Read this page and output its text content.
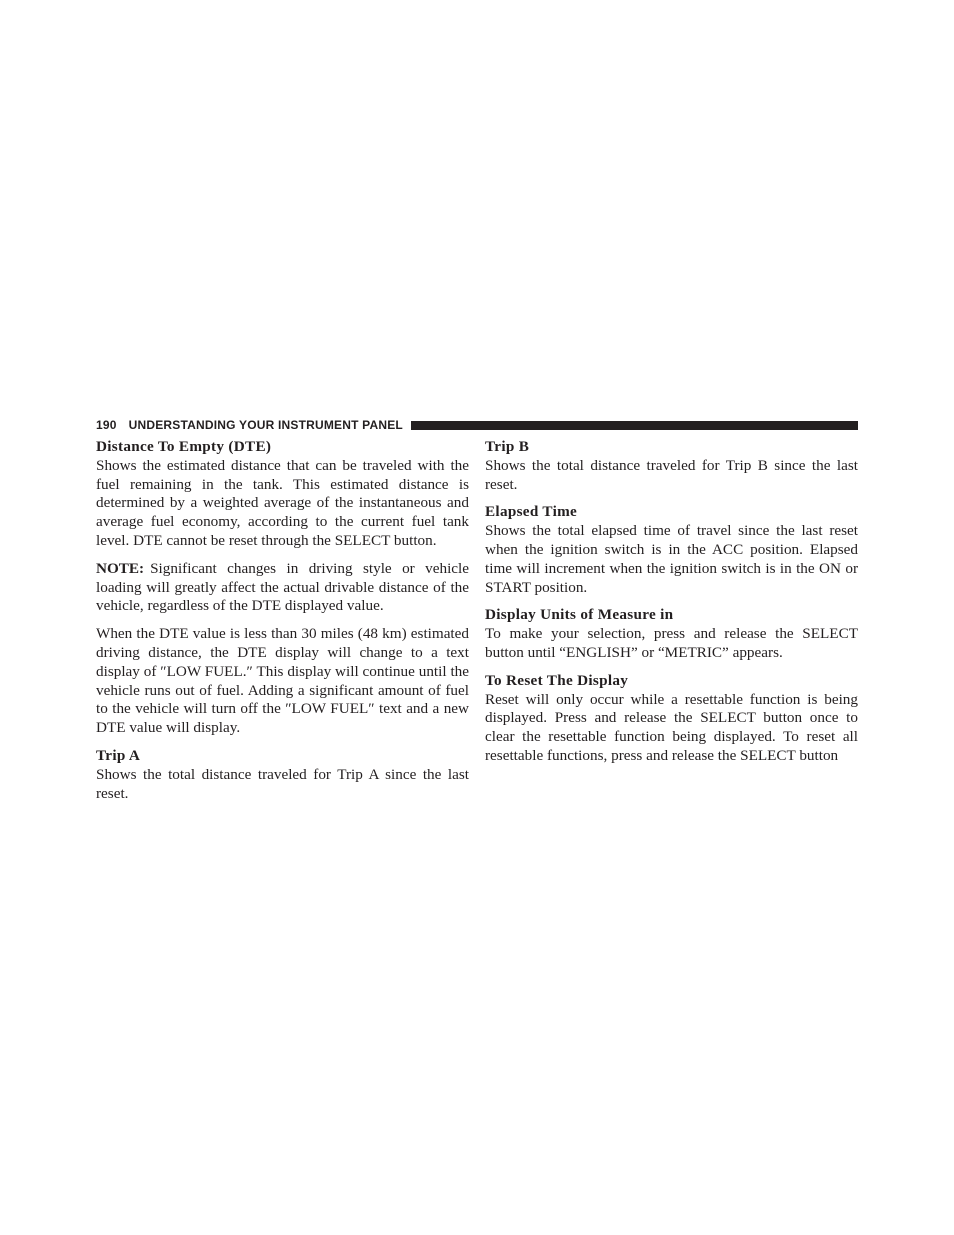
190 UNDERSTANDING YOUR INSTRUMENT PANEL

Distance To Empty (DTE)

Shows the estimated distance that can be traveled with the fuel remaining in the tank. This estimated distance is determined by a weighted average of the instantaneous and average fuel economy, according to the current fuel tank level. DTE cannot be reset through the SELECT button.

NOTE: Significant changes in driving style or vehicle loading will greatly affect the actual drivable distance of the vehicle, regardless of the DTE displayed value.

When the DTE value is less than 30 miles (48 km) estimated driving distance, the DTE display will change to a text display of ″LOW FUEL.″ This display will continue until the vehicle runs out of fuel. Adding a significant amount of fuel to the vehicle will turn off the ″LOW FUEL″ text and a new DTE value will display.

Trip A

Shows the total distance traveled for Trip A since the last reset.

Trip B

Shows the total distance traveled for Trip B since the last reset.

Elapsed Time

Shows the total elapsed time of travel since the last reset when the ignition switch is in the ACC position. Elapsed time will increment when the ignition switch is in the ON or START position.

Display Units of Measure in

To make your selection, press and release the SELECT button until “ENGLISH” or “METRIC” appears.

To Reset The Display

Reset will only occur while a resettable function is being displayed. Press and release the SELECT button once to clear the resettable function being displayed. To reset all resettable functions, press and release the SELECT button
